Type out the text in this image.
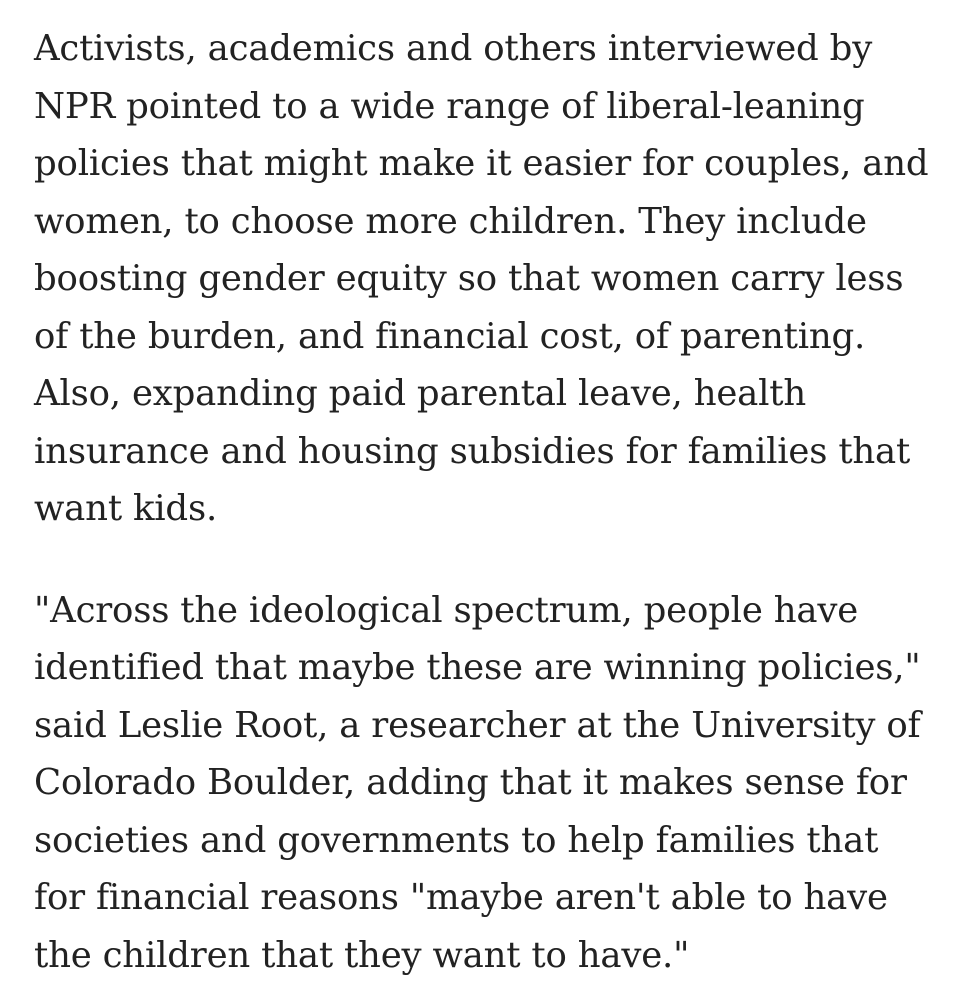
Activists, academics and others interviewed by
NPR pointed to a wide range of liberal-leaning
policies that might make it easier for couples, and
women, to choose more children. They include
boosting gender equity so that women carry less
of the burden, and financial cost, of parenting.
Also, expanding paid parental leave, health
insurance and housing subsidies for families that
want kids.

"Across the ideological spectrum, people have
identified that maybe these are winning policies,"
said Leslie Root, a researcher at the University of
Colorado Boulder, adding that it makes sense for
societies and governments to help families that
for financial reasons "maybe aren't able to have
the children that they want to have."
